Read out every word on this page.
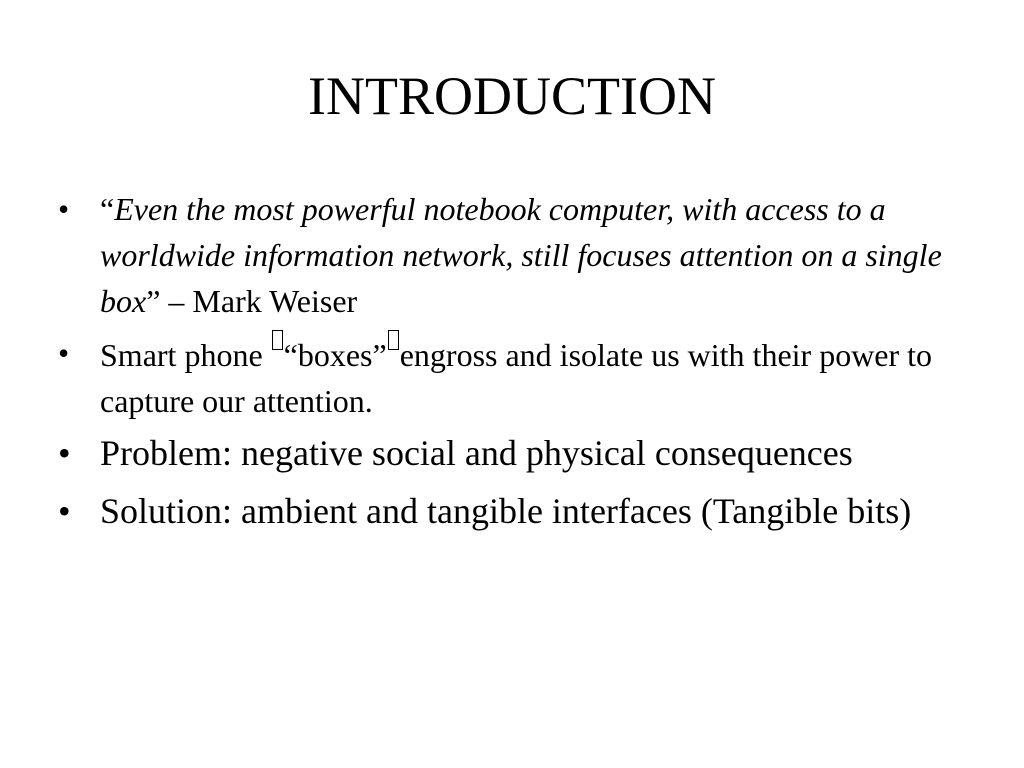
INTRODUCTION
• “Even the most powerful notebook computer, with access to a worldwide information network, still focuses attention on a single box” – Mark Weiser
• Smart phone “boxes” engross and isolate us with their power to capture our attention.
• Problem: negative social and physical consequences
• Solution: ambient and tangible interfaces (Tangible bits)
